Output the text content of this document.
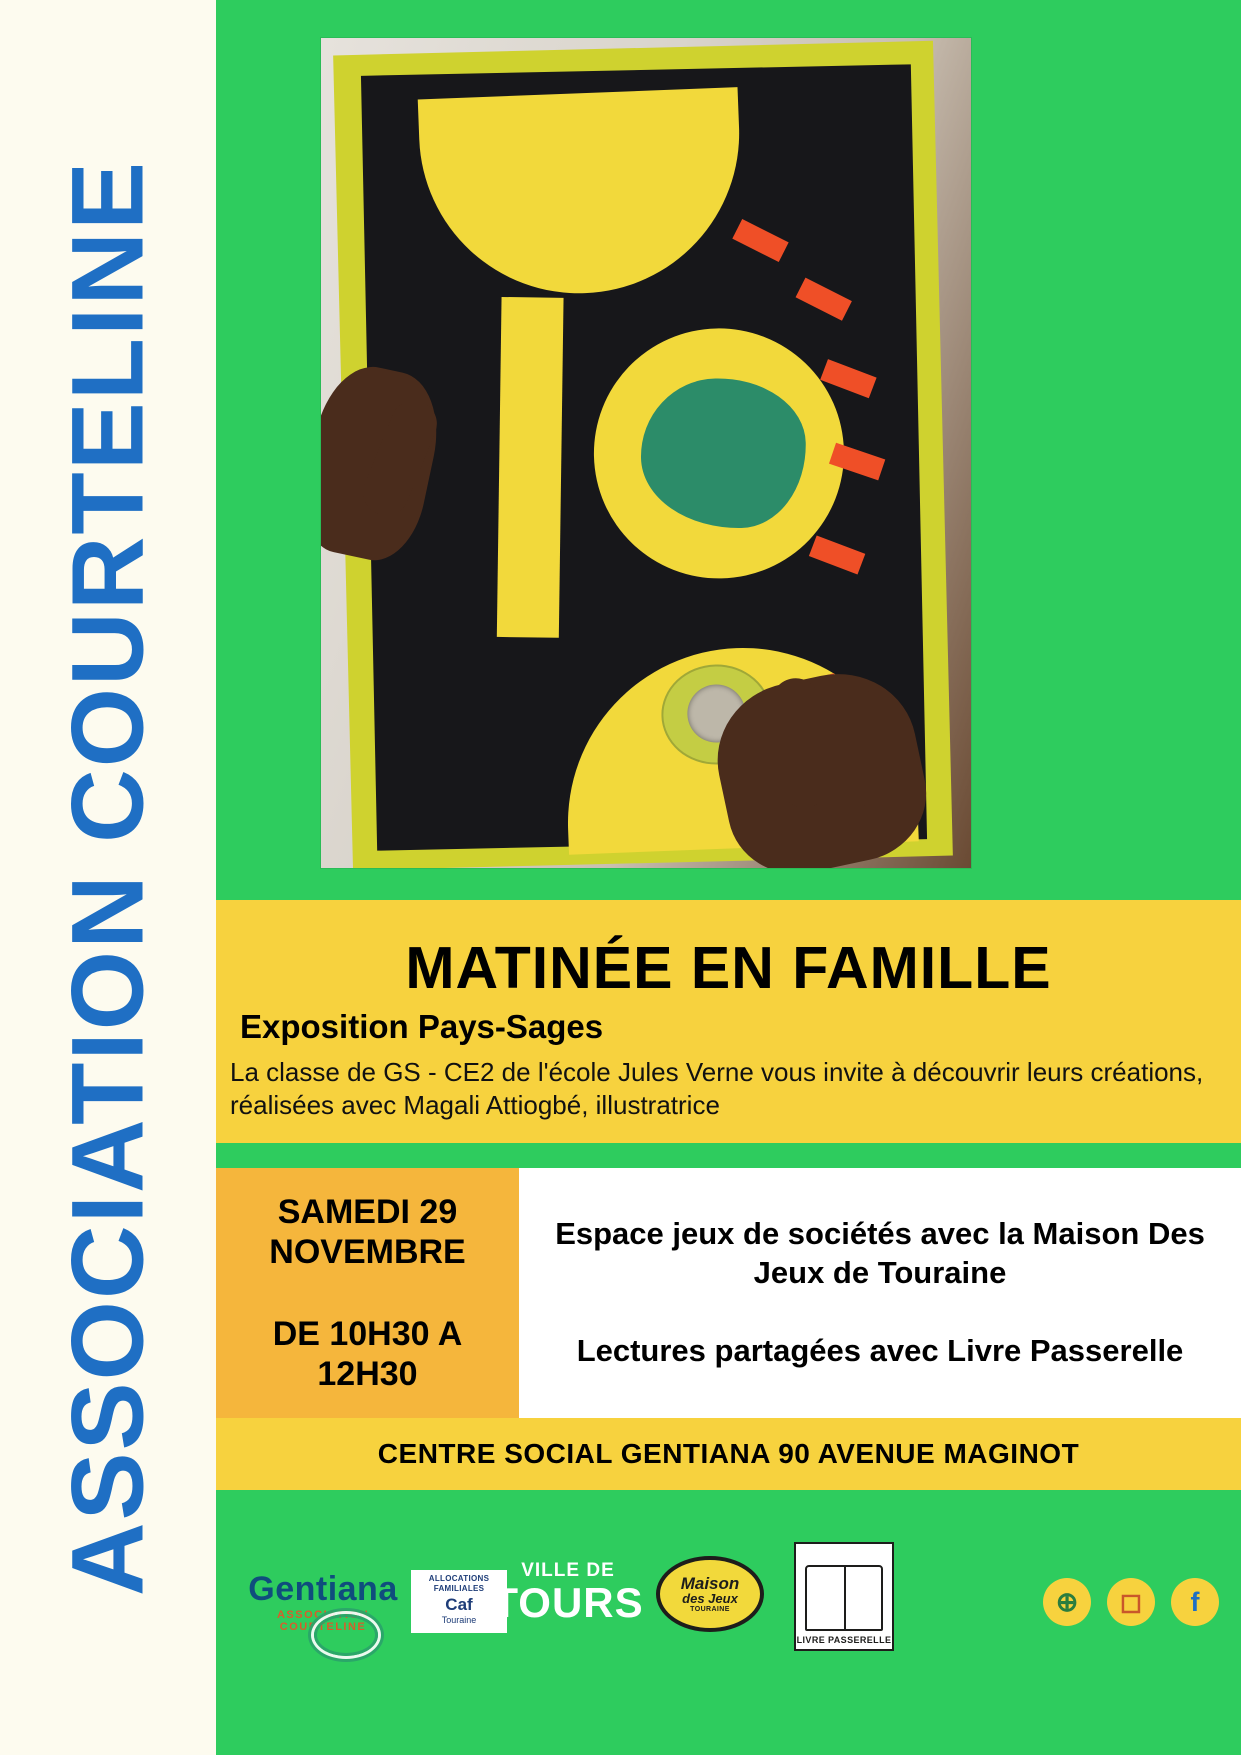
ASSOCIATION COURTELINE	MATINÉE EN FAMILLE
Exposition Pays-Sages
La classe de GS - CE2 de l'école Jules Verne vous invite à découvrir leurs créations, réalisées avec Magali Attiogbé, illustratrice
SAMEDI 29 NOVEMBRE
DE 10H30 A 12H30
Espace jeux de sociétés avec la Maison Des Jeux de Touraine
Lectures partagées avec Livre Passerelle
CENTRE SOCIAL GENTIANA 90 AVENUE MAGINOT
Gentiana
ASSOCIATION COURTELINE
ALLOCATIONS FAMILIALES
Caf
Touraine
VILLE DE
TOURS	Maison
des Jeux
TOURAINE
LIVRE PASSERELLE
⊕	◻	f
